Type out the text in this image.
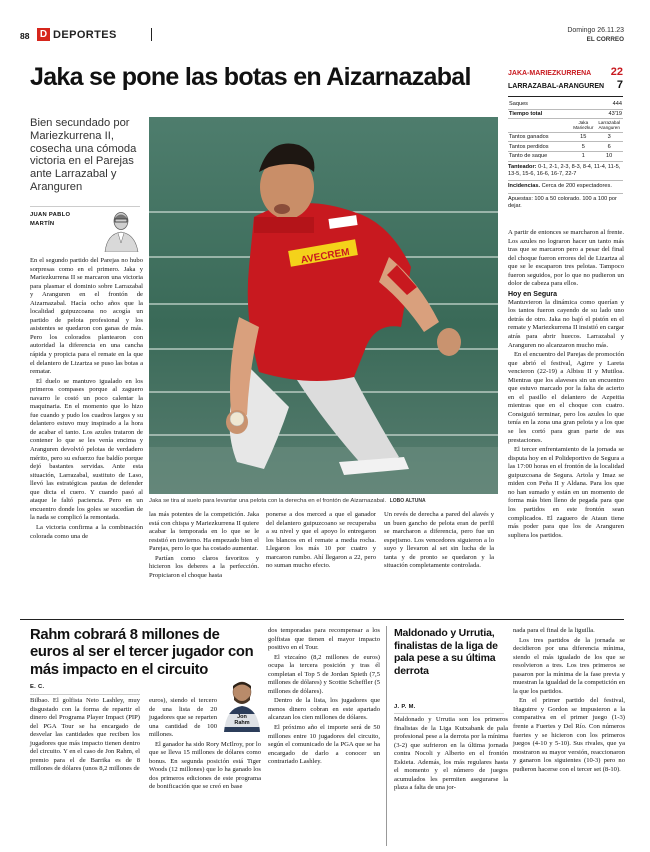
88 D DEPORTES	Domingo 26.11.23
EL CORREO
Jaka se pone las botas en Aizarnazabal
Bien secundado por Mariezkurrena II, cosecha una cómoda victoria en el Parejas ante Larrazabal y Aranguren
JUAN PABLO
MARTÍN
AVECREM
Jaka se tira al suelo para levantar una pelota con la derecha en el frontón de Aizarnazabal. LOBO ALTUNA

En el segundo partido del Parejas no hubo sorpresas como en el primero. Jaka y Mariezkurrena II se marcaron una victoria para plasmar el dominio sobre Larrazabal y Aranguren en el frontón de Aizarnazabal. Hacía ocho años que la localidad guipuzcoana no acogía un partido de pelota profesional y los asistentes se quedaron con ganas de más. Pero los colorados plantearon con autoridad la diferencia en una cancha rápida y propicia para el remate en la que el delantero de Lizartza se puso las botas a rematar.

El duelo se mantuvo igualado en los primeros compases porque al zaguero navarro le costó un poco calentar la maquinaria. En el momento que lo hizo fue cuando y pudo los cuadros largos y su delantero estuvo muy inspirado a la hora de acabar el tanto. Los azules trataron de contener lo que se les venía encima y Aranguren devolvió pelotas de verdadero mérito, pero su esfuerzo fue baldío porque dejó bastantes servidas. Ante esta situación, Larrazabal, sustituto de Laso, llevó las estratégicas pautas de defender que dicta el cuero. Y cuando pasó al ataque le faltó paciencia. Pero en un encuentro donde los goles se sucedían de la nada se complicó la remontada.

La victoria confirma a la combinación colorada como una de

las más potentes de la competición. Jaka está con chispa y Mariezkurrena II quiere acabar la temporada en lo que se le resistió en invierno. Ha empezado bien el Parejas, pero lo que ha costado aumentar.

Partían como claros favoritos y hicieron los deberes a la perfección. Propiciaron el choque hasta

ponerse a dos merced a que el ganador del delantero guipuzcoano se recuperaba a su nivel y que el apoyo lo entregaron los blancos en el remate a media rocha. Llegaron los más 10 por cuatro y marcaron rumbo. Ahí llegaron a 22, pero no suman mucho efecto.

Un revés de derecha a pared del alavés y un buen gancho de pelota eran de perfil se marcharon a diferencia, pero fue un espejismo. Los vencedores siguieron a lo suyo y llevaron al set sin lucha de la tanta y de pronto se quedaron y la situación completamente controlada.

JAKA-MARIEZKURRENA 22
LARRAZABAL-ARANGUREN 7
Saques		444
Tiempo total		43'19
	Jaka Mariezkur	Larrazabal Aranguren
Tantos ganados	15	3
Tantos perdidos	5	6
Tanto de saque	1	10
Tanteador: 0-1, 2-1, 2-3, 8-3, 8-4, 11-4, 11-5, 13-5, 15-6, 16-6, 16-7, 22-7
Incidencias. Cerca de 200 espectadores.
Apuestas: 100 a 50 colorado. 100 a 100 por dejar.

A partir de entonces se marcharon al frente. Los azules no lograron hacer un tanto más tras que se marcaron pero a pesar del final del choque fueron errores del de Lizartza al que se le escaparon tres pelotas. Tampoco fueron seguidos, por lo que no pudieron un dolor de cabeza para ellos.

Hoy en Segura

Mantuvieron la dinámica como querían y los tantos fueron cayendo de su lado uno detrás de otro. Jaka no bajó el pistón en el remate y Mariezkurrena II insistió en cargar atrás para abrir huecos. Larrazabal y Aranguren no alcanzaron mucho más.

En el encuentro del Parejas de promoción que abrió el festival, Agirre y Lareta vencieron (22-19) a Albisu II y Mutiloa. Mientras que los alaveses sin un encuentro que estuvo marcado por la falta de acierto en el pasillo el delantero de Azpeitia mientras que en el choque con cuatro. Consiguió terminar, pero los azules lo que tenía en la zona una gran pelota y a los que se les cortó para gran parte de sus prestaciones.

El tercer enfrentamiento de la jornada se disputa hoy en el Polideportivo de Segura a las 17:00 horas en el frontón de la localidad guipuzcoana de Segura. Artola y Imaz se miden con Peña II y Aldana. Para los que no han sumado y están en un momento de forma más bien lleno de pegada para que los partidos en este frontón sean complicados. El zaguero de Ataun tiene más poder para que los de Aranguren supliera los partidos.

Rahm cobrará 8 millones de euros al ser el tercer jugador con más impacto en el circuito
E. C.

Bilbao. El golfista Neto Lashley, muy disgustado con la forma de repartir el dinero del Programa Player Impact (PIP) del PGA Tour se ha encargado de desvelar las cantidades que reciben los jugadores que más impacto tienen dentro del circuito. Y en el caso de Jon Rahm, el premio para el de Barrika es de 8 millones de dólares (unos 8,2 millones de

euros), siendo el tercero de una lista de 20 jugadores que se reparten una cantidad de 100 millones.

El ganador ha sido Rory McIlroy, por lo que se lleva 15 millones de dólares como bonus. En segunda posición está Tiger Woods (12 millones) que lo ha ganado los dos primeros ediciones de este programa de bonificación que se creó en base

Jon
Rahm

dos temporadas para recompensar a los golfistas que tienen el mayor impacto positivo en el Tour.

El vizcaíno (8,2 millones de euros) ocupa la tercera posición y tras él completan el Top 5 de Jordan Spieth (7,5 millones de dólares) y Scottie Scheffler (5 millones de dólares).

Dentro de la lista, los jugadores que menos dinero cobran en este apartado alcanzan los cien millones de dólares.

El próximo año el importe será de 50 millones entre 10 jugadores del circuito, según el comunicado de la PGA que se ha encargado de darlo a conocer un contrariado Lashley.

Maldonado y Urrutia, finalistas de la liga de pala pese a su última derrota
J. P. M.

Maldonado y Urrutia son los primeros finalistas de la Liga Kutxabank de pala profesional pese a la derrota por la mínima (3-2) que sufrieron en la última jornada contra Nocoli y Alberto en el frontón Eskieta. Además, los más regulares hasta el momento y el número de juegos acumulados les permiten asegurarse la plaza a falta de una jor-

nada para el final de la liguilla.

Los tres partidos de la jornada se decidieron por una diferencia mínima, siendo el más igualado de los que se resolvieron a tres. Los tres primeros se pasaron por la mínima de la fase previa y muestran la igualdad de la competición en la que los partidos.

En el primer partido del festival, Iñaguirre y Gordon se impusieron a la comparativa en el primer juego (1-3) frente a Fuertes y Del Río. Con números fuertes y se hicieron con los primeros juegos (4-10 y 5-10). Sus rivales, que ya mostraron su mayor versión, reaccionaron y ganaron los siguientes (10-3) pero no pudieron hacerse con el tercer set (8-10).
